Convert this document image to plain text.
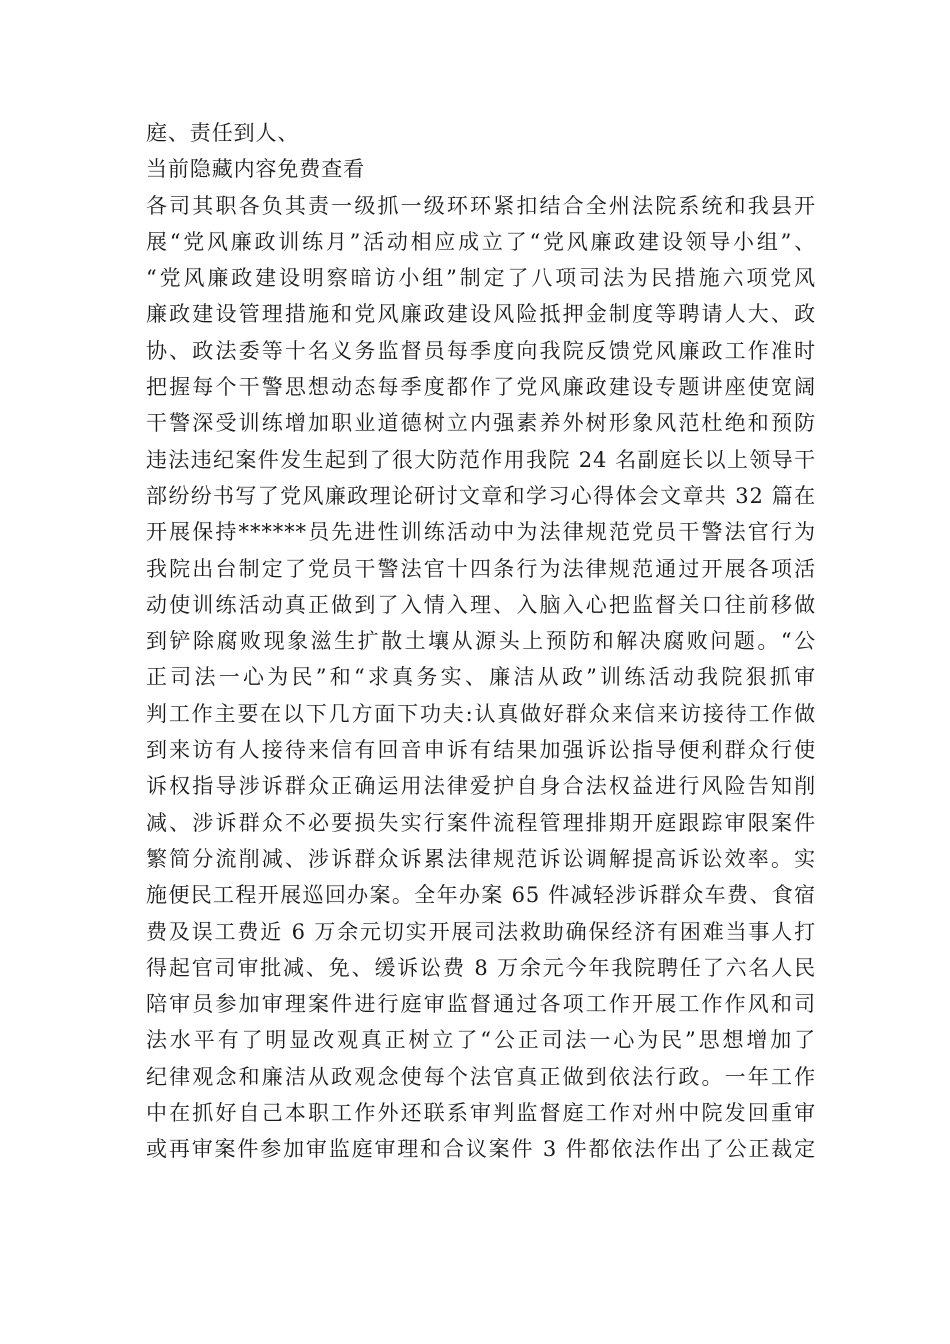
庭、责任到人、
当前隐藏内容免费查看
各司其职各负其责一级抓一级环环紧扣结合全州法院系统和我县开
展“党风廉政训练月”活动相应成立了“党风廉政建设领导小组”、
“党风廉政建设明察暗访小组”制定了八项司法为民措施六项党风
廉政建设管理措施和党风廉政建设风险抵押金制度等聘请人大、政
协、政法委等十名义务监督员每季度向我院反馈党风廉政工作准时
把握每个干警思想动态每季度都作了党风廉政建设专题讲座使宽阔
干警深受训练增加职业道德树立内强素养外树形象风范杜绝和预防
违法违纪案件发生起到了很大防范作用我院 24 名副庭长以上领导干
部纷纷书写了党风廉政理论研讨文章和学习心得体会文章共 32 篇在
开展保持******员先进性训练活动中为法律规范党员干警法官行为
我院出台制定了党员干警法官十四条行为法律规范通过开展各项活
动使训练活动真正做到了入情入理、入脑入心把监督关口往前移做
到铲除腐败现象滋生扩散土壤从源头上预防和解决腐败问题。“公
正司法一心为民”和“求真务实、廉洁从政”训练活动我院狠抓审
判工作主要在以下几方面下功夫:认真做好群众来信来访接待工作做
到来访有人接待来信有回音申诉有结果加强诉讼指导便利群众行使
诉权指导涉诉群众正确运用法律爱护自身合法权益进行风险告知削
减、涉诉群众不必要损失实行案件流程管理排期开庭跟踪审限案件
繁简分流削减、涉诉群众诉累法律规范诉讼调解提高诉讼效率。实
施便民工程开展巡回办案。全年办案 65 件减轻涉诉群众车费、食宿
费及误工费近 6 万余元切实开展司法救助确保经济有困难当事人打
得起官司审批减、免、缓诉讼费 8 万余元今年我院聘任了六名人民
陪审员参加审理案件进行庭审监督通过各项工作开展工作作风和司
法水平有了明显改观真正树立了“公正司法一心为民”思想增加了
纪律观念和廉洁从政观念使每个法官真正做到依法行政。一年工作
中在抓好自己本职工作外还联系审判监督庭工作对州中院发回重审
或再审案件参加审监庭审理和合议案件 3 件都依法作出了公正裁定
